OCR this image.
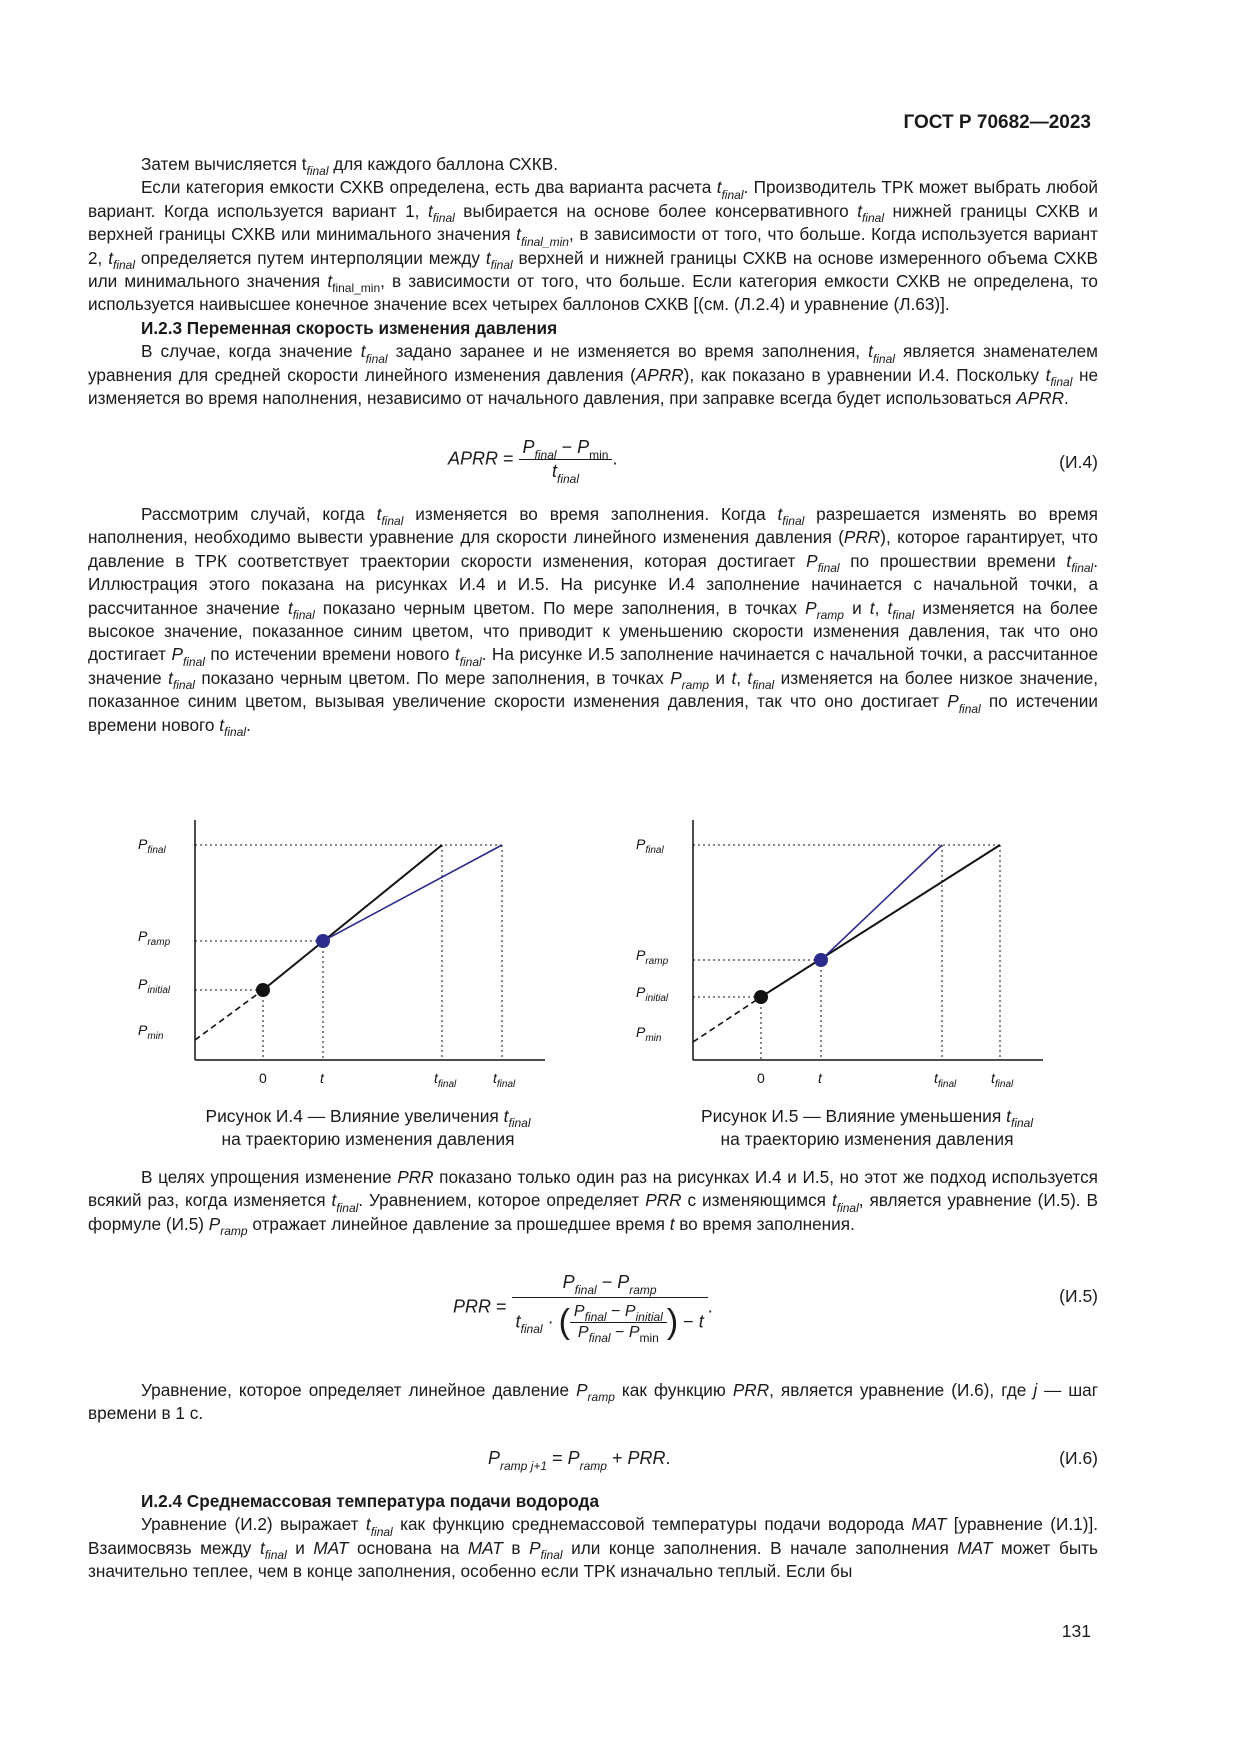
ГОСТ Р 70682—2023

Затем вычисляется $t_{final}$ для каждого баллона СХКВ.

Если категория емкости СХКВ определена, есть два варианта расчета $t_{final}$. Производитель ТРК может выбрать любой вариант. Когда используется вариант 1, $t_{final}$ выбирается на основе более консервативного $t_{final}$ нижней границы СХКВ и верхней границы СХКВ или минимального значения $t_{final\_min}$, в зависимости от того, что больше. Когда используется вариант 2, $t_{final}$ определяется путем интерполяции между $t_{final}$ верхней и нижней границы СХКВ на основе измеренного объема СХКВ или минимального значения $t_{final\_min}$, в зависимости от того, что больше. Если категория емкости СХКВ не определена, то используется наивысшее конечное значение всех четырех баллонов СХКВ [(см. (Л.2.4) и уравнение (Л.63)].

И.2.3 Переменная скорость изменения давления

В случае, когда значение $t_{final}$ задано заранее и не изменяется во время заполнения, $t_{final}$ является знаменателем уравнения для средней скорости линейного изменения давления (APRR), как показано в уравнении И.4. Поскольку $t_{final}$ не изменяется во время наполнения, независимо от начального давления, при заправке всегда будет использоваться APRR.

APRR = $\frac{P_{final} - P_{min}}{t_{final}}$ .	(И.4)

Рассмотрим случай, когда $t_{final}$ изменяется во время заполнения. Когда $t_{final}$ разрешается изменять во время наполнения, необходимо вывести уравнение для скорости линейного изменения давления (PRR), которое гарантирует, что давление в ТРК соответствует траектории скорости изменения, которая достигает $P_{final}$ по прошествии времени $t_{final}$. Иллюстрация этого показана на рисунках И.4 и И.5. На рисунке И.4 заполнение начинается с начальной точки, а рассчитанное значение $t_{final}$ показано черным цветом. По мере заполнения, в точках $P_{ramp}$ и t, $t_{final}$ изменяется на более высокое значение, показанное синим цветом, что приводит к уменьшению скорости изменения давления, так что оно достигает $P_{final}$ по истечении времени нового $t_{final}$. На рисунке И.5 заполнение начинается с начальной точки, а рассчитанное значение $t_{final}$ показано черным цветом. По мере заполнения, в точках $P_{ramp}$ и t, $t_{final}$ изменяется на более низкое значение, показанное синим цветом, вызывая увеличение скорости изменения давления, так что оно достигает $P_{final}$ по истечении времени нового $t_{final}$.

$P_{final}$
$P_{ramp}$
$P_{initial}$
$P_{min}$
0	t	$t_{final}$	$t_{final}$
Рисунок И.4 — Влияние увеличения $t_{final}$
на траекторию изменения давления
$P_{final}$
$P_{ramp}$
$P_{initial}$
$P_{min}$
0	t	$t_{final}$ $t_{final}$
Рисунок И.5 — Влияние уменьшения $t_{final}$
на траекторию изменения давления

В целях упрощения изменение PRR показано только один раз на рисунках И.4 и И.5, но этот же подход используется всякий раз, когда изменяется $t_{final}$. Уравнением, которое определяет PRR с изменяющимся $t_{final}$, является уравнение (И.5). В формуле (И.5) $P_{ramp}$ отражает линейное давление за прошедшее время t во время заполнения.

PRR =
$P_{final} - P_{ramp}$
$t_{final}$ · ( $\frac{P_{final} - P_{initial}}{P_{final} - P_{min}}$ ) − t
.
(И.5)

Уравнение, которое определяет линейное давление $P_{ramp}$ как функцию PRR, является уравнение (И.6), где j — шаг времени в 1 с.

$P_{ramp j+1} = P_{ramp}$ + PRR.	(И.6)

И.2.4 Среднемассовая температура подачи водорода

Уравнение (И.2) выражает $t_{final}$ как функцию среднемассовой температуры подачи водорода MAT [уравнение (И.1)]. Взаимосвязь между $t_{final}$ и MAT основана на MAT в $P_{final}$ или конце заполнения. В начале заполнения MAT может быть значительно теплее, чем в конце заполнения, особенно если ТРК изначально теплый. Если бы

131
